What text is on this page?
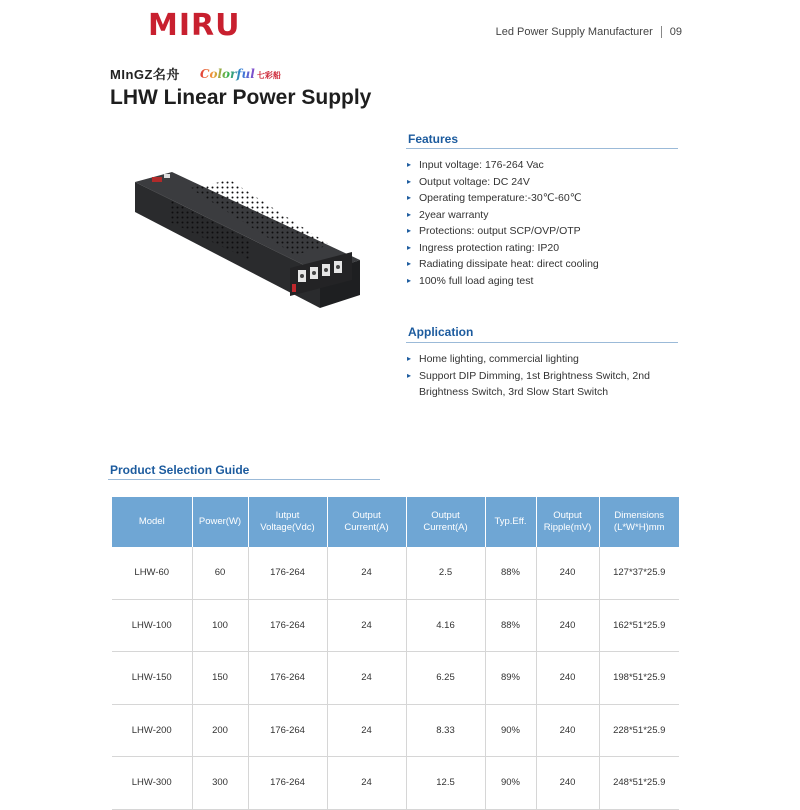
MIRU	Led Power Supply Manufacturer 09
MInGZ名舟 Colorful 七彩船
LHW Linear Power Supply
Features
▸ Input voltage: 176-264 Vac
▸ Output voltage: DC 24V
▸ Operating temperature:-30℃-60℃
▸ 2year warranty
▸ Protections: output SCP/OVP/OTP
▸ Ingress protection rating: IP20
▸ Radiating dissipate heat: direct cooling
▸ 100% full load aging test
Application
▸ Home lighting, commercial lighting
▸ Support DIP Dimming, 1st Brightness Switch, 2nd Brightness Switch, 3rd Slow Start Switch
Product Selection Guide
Model	Power(W)	Iutput Voltage(Vdc)	Output Current(A)	Output Current(A)	Typ.Eff.	Output Ripple(mV)	Dimensions (L*W*H)mm
LHW-60	60	176-264	24	2.5	88%	240	127*37*25.9
LHW-100	100	176-264	24	4.16	88%	240	162*51*25.9
LHW-150	150	176-264	24	6.25	89%	240	198*51*25.9
LHW-200	200	176-264	24	8.33	90%	240	228*51*25.9
LHW-300	300	176-264	24	12.5	90%	240	248*51*25.9
